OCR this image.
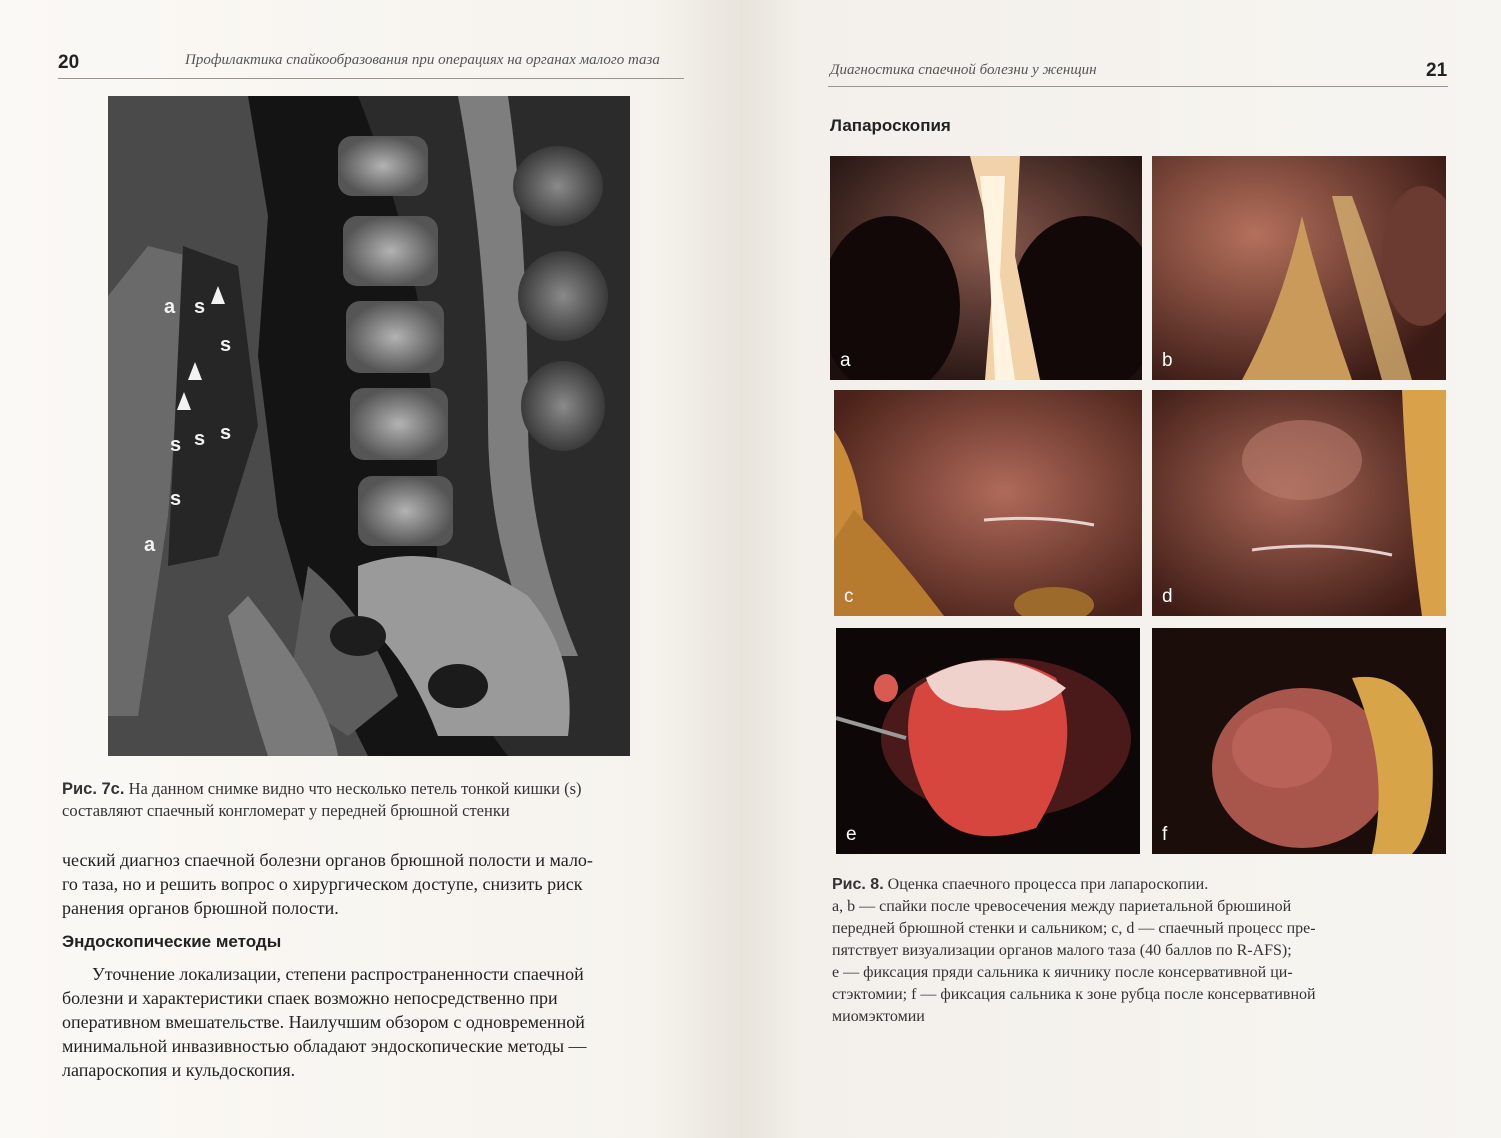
20	Профилактика спайкообразования при операциях на органах малого таза
a s
s
s s s
s
a
Рис. 7c. На данном снимке видно что несколько петель тонкой кишки (s)
составляют спаечный конгломерат у передней брюшной стенки
ческий диагноз спаечной болезни органов брюшной полости и мало-
го таза, но и решить вопрос о хирургическом доступе, снизить риск
ранения органов брюшной полости.
Эндоскопические методы
Уточнение локализации, степени распространенности спаечной
болезни и характеристики спаек возможно непосредственно при
оперативном вмешательстве. Наилучшим обзором с одновременной
минимальной инвазивностью обладают эндоскопические методы —
лапароскопия и кульдоскопия.
Диагностика спаечной болезни у женщин	21
Лапароскопия
a	b
c	d
e	f
Рис. 8. Оценка спаечного процесса при лапароскопии.
a, b — спайки после чревосечения между париетальной брюшиной
передней брюшной стенки и сальником; c, d — спаечный процесс пре-
пятствует визуализации органов малого таза (40 баллов по R-AFS);
e — фиксация пряди сальника к яичнику после консервативной ци-
стэктомии; f — фиксация сальника к зоне рубца после консервативной
миомэктомии
